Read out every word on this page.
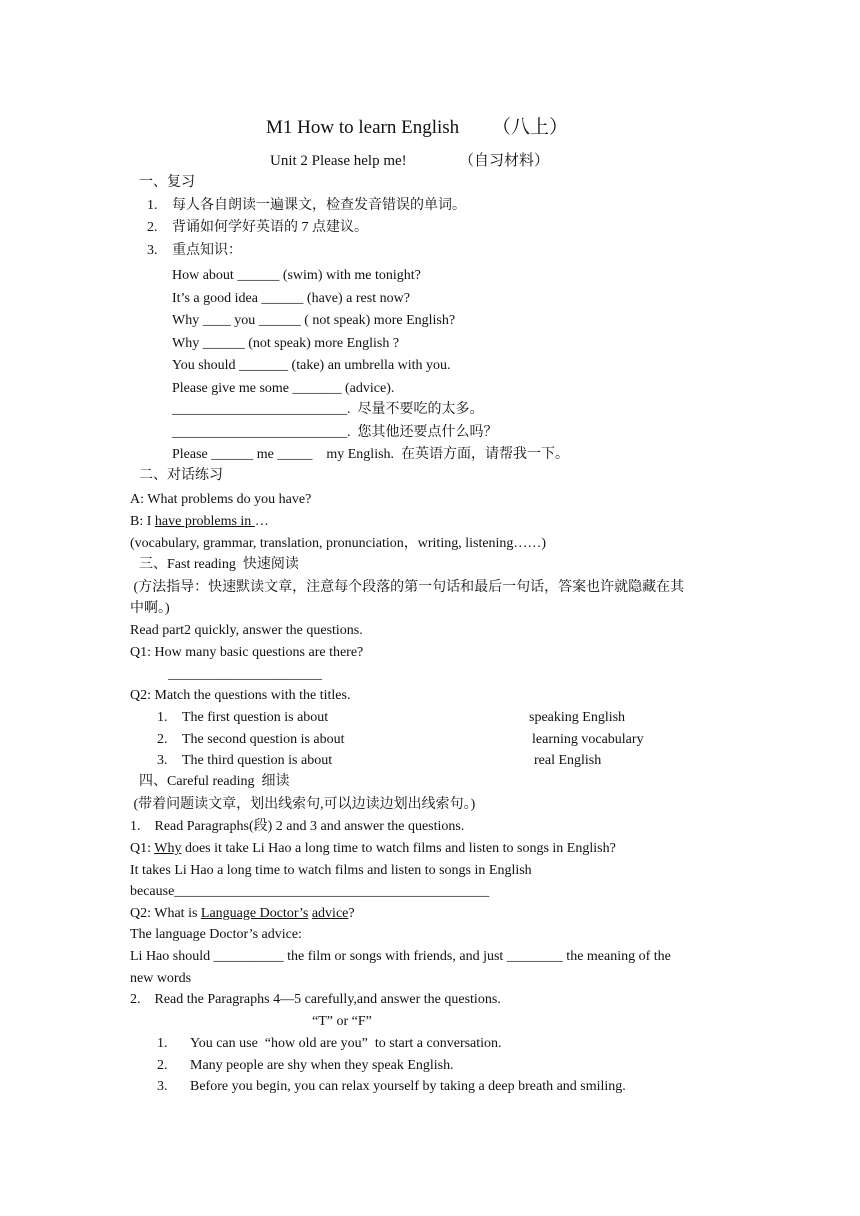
M1 How to learn English （八上）
Unit 2 Please help me!	（自习材料）
一、复习
1. 每人各自朗读一遍课文，检查发音错误的单词。
2. 背诵如何学好英语的 7 点建议。
3. 重点知识：
How about ______ (swim) with me tonight?
It’s a good idea ______ (have) a rest now?
Why ____ you ______ ( not speak) more English?
Why ______ (not speak) more English ?
You should _______ (take) an umbrella with you.
Please give me some _______ (advice).
_________________________.  尽量不要吃的太多。
_________________________.  您其他还要点什么吗？
Please ______ me _____    my English.  在英语方面，请帮我一下。
二、对话练习
A: What problems do you have?
B: I have problems in …
(vocabulary, grammar, translation, pronunciation，writing, listening……)
三、Fast reading  快速阅读
(方法指导：快速默读文章，注意每个段落的第一句话和最后一句话，答案也许就隐藏在其
中啊。)
Read part2 quickly, answer the questions.
Q1: How many basic questions are there?
______________________
Q2: Match the questions with the titles.
1. The first question is about	speaking English
2. The second question is about	learning vocabulary
3. The third question is about	real English
四、Careful reading  细读
(带着问题读文章，划出线索句,可以边读边划出线索句。)
1.    Read Paragraphs(段) 2 and 3 and answer the questions.
Q1: Why does it take Li Hao a long time to watch films and listen to songs in English?
It takes Li Hao a long time to watch films and listen to songs in English
because_____________________________________________
Q2: What is Language Doctor’s advice?
The language Doctor’s advice:
Li Hao should __________ the film or songs with friends, and just ________ the meaning of the
new words
2.    Read the Paragraphs 4—5 carefully,and answer the questions.
“T” or “F”
1. You can use  “how old are you”  to start a conversation.
2. Many people are shy when they speak English.
3. Before you begin, you can relax yourself by taking a deep breath and smiling.
